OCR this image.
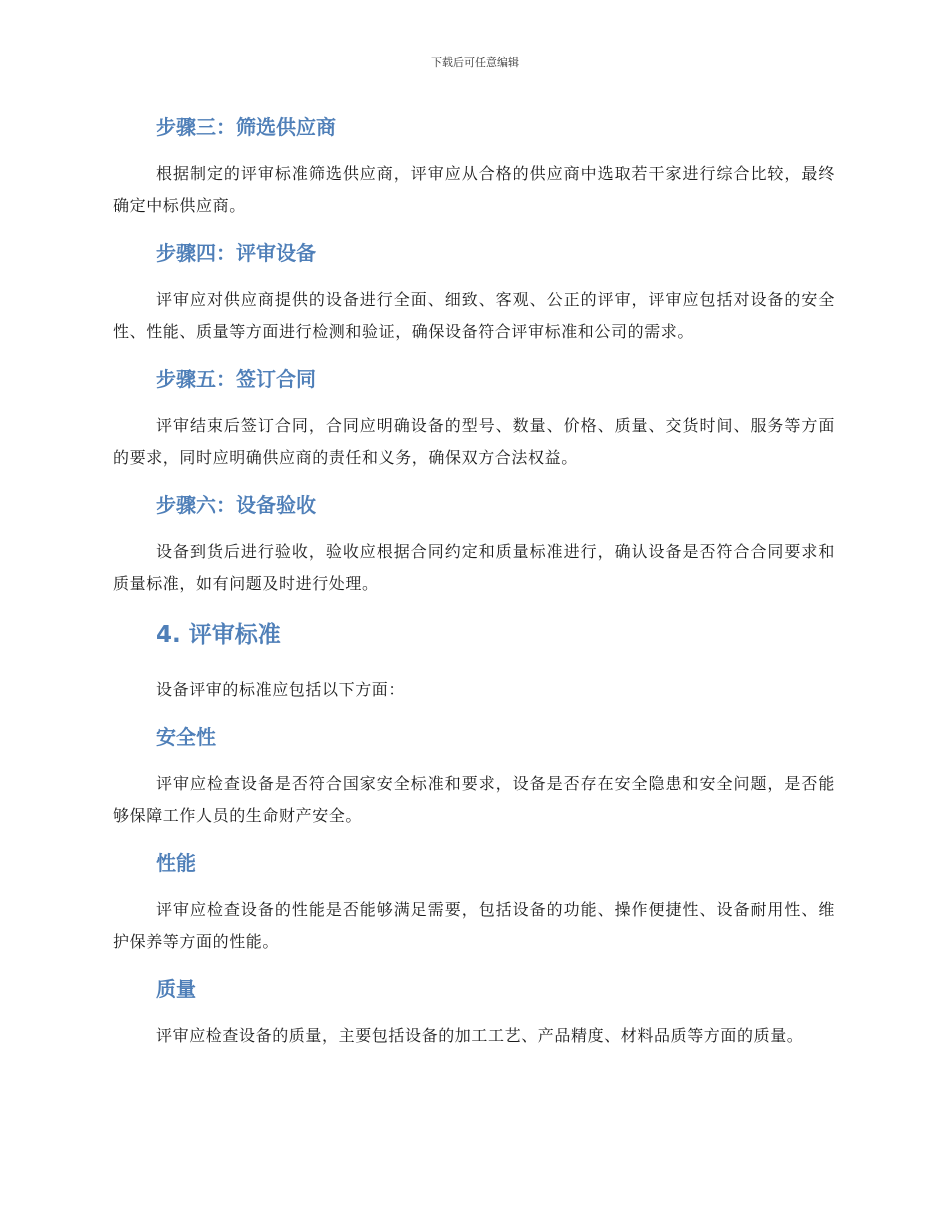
下载后可任意编辑
步骤三：筛选供应商

根据制定的评审标准筛选供应商，评审应从合格的供应商中选取若干家进行综合比较，最终确定中标供应商。

步骤四：评审设备

评审应对供应商提供的设备进行全面、细致、客观、公正的评审，评审应包括对设备的安全性、性能、质量等方面进行检测和验证，确保设备符合评审标准和公司的需求。

步骤五：签订合同

评审结束后签订合同，合同应明确设备的型号、数量、价格、质量、交货时间、服务等方面的要求，同时应明确供应商的责任和义务，确保双方合法权益。

步骤六：设备验收

设备到货后进行验收，验收应根据合同约定和质量标准进行，确认设备是否符合合同要求和质量标准，如有问题及时进行处理。

4. 评审标准

设备评审的标准应包括以下方面：

安全性

评审应检查设备是否符合国家安全标准和要求，设备是否存在安全隐患和安全问题，是否能够保障工作人员的生命财产安全。

性能

评审应检查设备的性能是否能够满足需要，包括设备的功能、操作便捷性、设备耐用性、维护保养等方面的性能。

质量

评审应检查设备的质量，主要包括设备的加工工艺、产品精度、材料品质等方面的质量。
